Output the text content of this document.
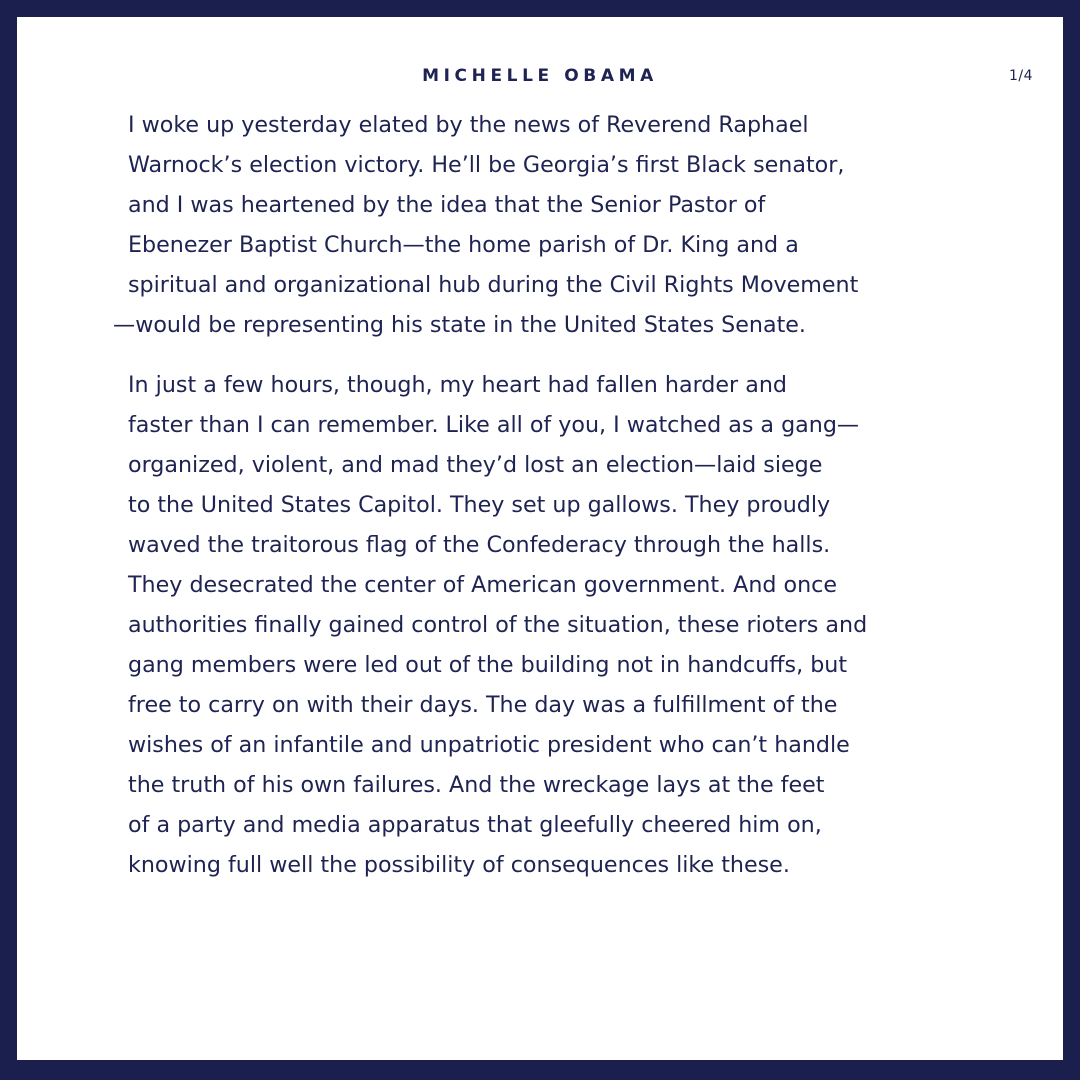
MICHELLE OBAMA	1/4
I woke up yesterday elated by the news of Reverend Raphael
Warnock’s election victory. He’ll be Georgia’s first Black senator,
and I was heartened by the idea that the Senior Pastor of
Ebenezer Baptist Church—the home parish of Dr. King and a
spiritual and organizational hub during the Civil Rights Movement
—would be representing his state in the United States Senate.
In just a few hours, though, my heart had fallen harder and
faster than I can remember. Like all of you, I watched as a gang—
organized, violent, and mad they’d lost an election—laid siege
to the United States Capitol. They set up gallows. They proudly
waved the traitorous flag of the Confederacy through the halls.
They desecrated the center of American government. And once
authorities finally gained control of the situation, these rioters and
gang members were led out of the building not in handcuffs, but
free to carry on with their days. The day was a fulfillment of the
wishes of an infantile and unpatriotic president who can’t handle
the truth of his own failures. And the wreckage lays at the feet
of a party and media apparatus that gleefully cheered him on,
knowing full well the possibility of consequences like these.
